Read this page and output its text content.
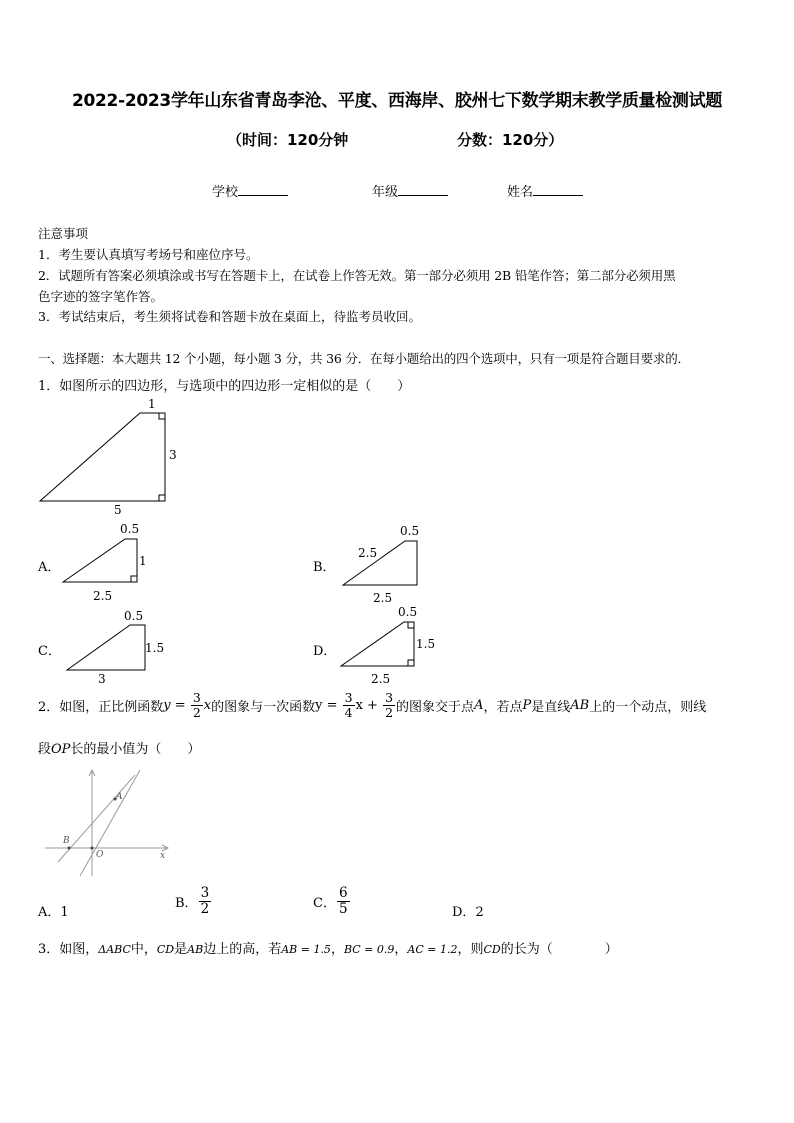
2022-2023学年山东省青岛李沧、平度、西海岸、胶州七下数学期末教学质量检测试题
（时间：120分钟	分数：120分）
学校	年级	姓名
注意事项
1．考生要认真填写考场号和座位序号。
2．试题所有答案必须填涂或书写在答题卡上，在试卷上作答无效。第一部分必须用 2B 铅笔作答；第二部分必须用黑
色字迹的签字笔作答。
3．考试结束后，考生须将试卷和答题卡放在桌面上，待监考员收回。
一、选择题：本大题共 12 个小题，每小题 3 分，共 36 分．在每小题给出的四个选项中，只有一项是符合题目要求的．
1．如图所示的四边形，与选项中的四边形一定相似的是（　　）
1
3
5
A．
0.5
1
2.5
B．
0.5
2.5
2.5
C．
0.5
1.5
3
D．
0.5
1.5
2.5
2．如图，正比例函数 $y = \frac{3}{2}$ x 的图象与一次函数 $y = \frac{3}{4}$ $x + \frac{3}{2}$ 的图象交于点 A ，若点 P 是直线 AB 上的一个动点，则线
段OP长的最小值为（　　）
A
B
O	x
A．1
B． $\frac{3}{2}$	C． $\frac{6}{5}$	D．2
3．如图，ΔABC中，CD是AB边上的高，若AB = 1.5，BC = 0.9，AC = 1.2，则CD的长为（　　　　）
